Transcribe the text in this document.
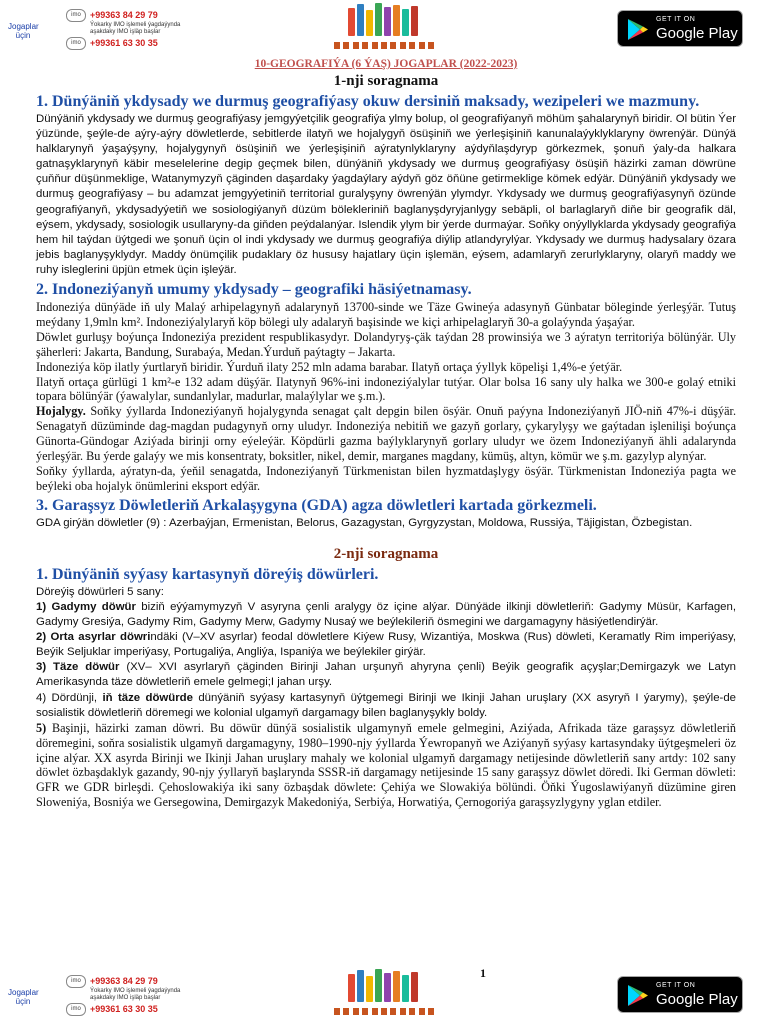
Jogaplar üçin
imo	+99363 84 29 79
Ýokarky IMO işlemeli ýagdaýynda
aşakdaky IMO işläp başlar
imo	+99361 63 30 35
GET IT ON
Google Play

10-GEOGRAFIÝA (6 ÝAŞ) JOGAPLAR (2022-2023)

1-nji soragnama

1. Dünýäniň ykdysady we durmuş geografiýasy okuw dersiniň maksady, wezipeleri we mazmuny.

Dünýäniň ykdysady we durmuş geografiýasy jemgyýetçilik geografiýa ylmy bolup, ol geografiýanyň möhüm şahalarynyň biridir. Ol bütin Ýer ýüzünde, şeýle-de aýry-aýry döwletlerde, sebitlerde ilatyň we hojalygyň ösüşiniň we ýerleşişiniň kanunalaýyklyklaryny öwrenýär. Dünýä halklarynyň ýaşaýşyny, hojalygynyň ösüşiniň we ýerleşişiniň aýratynlyklaryny aýdyňlaşdyryp görkezmek, şonuň ýaly-da halkara gatnaşyklarynyň käbir meselelerine degip geçmek bilen, dünýäniň ykdysady we durmuş geografiýasy ösüşiň häzirki zaman döwrüne çuňňur düşünmeklige, Watanymyzyň çäginden daşardaky ýagdaýlary aýdyň göz öňüne getirmeklige kömek edýär. Dünýäniň ykdysady we durmuş geografiýasy – bu adamzat jemgyýetiniň territorial guralyşyny öwrenýän ylymdyr. Ykdysady we durmuş geografiýasynyň özünde geografiýanyň, ykdysadyýetiň we sosiologiýanyň düzüm bölekleriniň baglanyşdyryjanlygy sebäpli, ol barlaglaryň diňe bir geografik däl, eýsem, ykdysady, sosiologik usullaryny-da giňden peýdalanýar. Islendik ylym bir ýerde durmaýar. Soňky onýyllyklarda ykdysady geografiýa hem hil taýdan üýtgedi we şonuň üçin ol indi ykdysady we durmuş geografiýa diýlip atlandyrylýar. Ykdysady we durmuş hadysalary özara jebis baglanyşyklydyr. Maddy önümçilik pudaklary öz hususy hajatlary üçin işlemän, eýsem, adamlaryň zerurlyklaryny, olaryň maddy we ruhy isleglerini üpjün etmek üçin işleýär.

2. Indoneziýanyň umumy ykdysady – geografiki häsiýetnamasy.

Indoneziýa dünýäde iň uly Malaý arhipelagynyň adalarynyň 13700-sinde we Täze Gwineýa adasynyň Günbatar böleginde ýerleşýär. Tutuş meýdany 1,9mln km². Indoneziýalylaryň köp bölegi uly adalaryň başisinde we kiçi arhipelaglaryň 30-a golaýynda ýaşaýar.

Döwlet gurluşy boýunça Indoneziýa prezident respublikasydyr. Dolandyryş-çäk taýdan 28 prowinsiýa we 3 aýratyn territoriýa bölünýär. Uly şäherleri: Jakarta, Bandung, Surabaýa, Medan.Ýurduň paýtagty – Jakarta.

Indoneziýa köp ilatly ýurtlaryň biridir. Ýurduň ilaty 252 mln adama barabar. Ilatyň ortaça ýyllyk köpelişi 1,4%-e ýetýär.

Ilatyň ortaça gürlügi 1 km²-e 132 adam düşýär. Ilatynyň 96%-ini indoneziýalylar tutýar. Olar bolsa 16 sany uly halka we 300-e golaý etniki topara bölünýär (ýawalylar, sundanlylar, madurlar, malaýlylar we ş.m.).

Hojalygy. Soňky ýyllarda Indoneziýanyň hojalygynda senagat çalt depgin bilen ösýär. Onuň paýyna Indoneziýanyň JIÖ-niň 47%-i düşýär. Senagatyň düzüminde dag-magdan pudagynyň orny uludyr. Indoneziýa nebitiň we gazyň gorlary, çykarylyşy we gaýtadan işlenilişi boýunça Günorta-Gündogar Aziýada birinji orny eýeleýär. Köpdürli gazma baýlyklarynyň gorlary uludyr we özem Indoneziýanyň ähli adalarynda ýerleşýär. Bu ýerde galaýy we mis konsentraty, boksitler, nikel, demir, marganes magdany, kümüş, altyn, kömür we ş.m. gazylyp alynýar.

Soňky ýyllarda, aýratyn-da, ýeňil senagatda, Indoneziýanyň Türkmenistan bilen hyzmatdaşlygy ösýär. Türkmenistan Indoneziýa pagta we beýleki oba hojalyk önümlerini eksport edýär.

3. Garaşsyz Döwletleriň Arkalaşygyna (GDA) agza döwletleri kartada görkezmeli.

GDA girýän döwletler (9) : Azerbaýjan, Ermenistan, Belorus, Gazagystan, Gyrgyzystan, Moldowa, Russiýa, Täjigistan, Özbegistan.

2-nji soragnama

1. Dünýäniň syýasy kartasynyň döreýiş döwürleri.

Döreýiş döwürleri 5 sany:

1) Gadymy döwür biziň eýýamymyzyň V asyryna çenli aralygy öz içine alýar. Dünýäde ilkinji döwletleriň: Gadymy Müsür, Karfagen, Gadymy Gresiýa, Gadymy Rim, Gadymy Merw, Gadymy Nusaý we beýlekileriň ösmegini we dargamagyny häsiýetlendirýär.

2) Orta asyrlar döwrindäki (V–XV asyrlar) feodal döwletlere Kiýew Rusy, Wizantiýa, Moskwa (Rus) döwleti, Keramatly Rim imperiýasy, Beýik Seljuklar imperiýasy, Portugaliýa, Angliýa, Ispaniýa we beýlekiler girýär.

3) Täze döwür (XV– XVI asyrlaryň çäginden Birinji Jahan urşunyň ahyryna çenli) Beýik geografik açyşlar;Demirgazyk we Latyn Amerikasynda täze döwletleriň emele gelmegi;I jahan urşy.

4) Dördünji, iň täze döwürde dünýäniň syýasy kartasynyň üýtgemegi Birinji we Ikinji Jahan uruşlary (XX asyryň I ýarymy), şeýle-de sosialistik döwletleriň döremegi we kolonial ulgamyň dargamagy bilen baglanyşykly boldy.

5) Başinji, häzirki zaman döwri. Bu döwür dünýä sosialistik ulgamynyň emele gelmegini, Aziýada, Afrikada täze garaşsyz döwletleriň döremegini, soňra sosialistik ulgamyň dargamagyny, 1980–1990-njy ýyllarda Ýewropanyň we Aziýanyň syýasy kartasyndaky üýtgeşmeleri öz içine alýar. XX asyrda Birinji we Ikinji Jahan uruşlary mahaly we kolonial ulgamyň dargamagy netijesinde döwletleriň sany artdy: 102 sany döwlet özbaşdaklyk gazandy, 90-njy ýyllaryň başlarynda SSSR-iň dargamagy netijesinde 15 sany garaşsyz döwlet döredi. Iki German döwleti: GFR we GDR birleşdi. Çehoslowakiýa iki sany özbaşdak döwlete: Çehiýa we Slowakiýa bölündi. Öňki Ýugoslawiýanyň düzümine giren Sloweniýa, Bosniýa we Gersegowina, Demirgazyk Makedoniýa, Serbiýa, Horwatiýa, Çernogoriýa garaşsyzlygyny yglan etdiler.

Jogaplar üçin
imo	+99363 84 29 79
Ýokarky IMO işlemeli ýagdaýynda
aşakdaky IMO işläp başlar
imo	+99361 63 30 35
1
GET IT ON
Google Play
